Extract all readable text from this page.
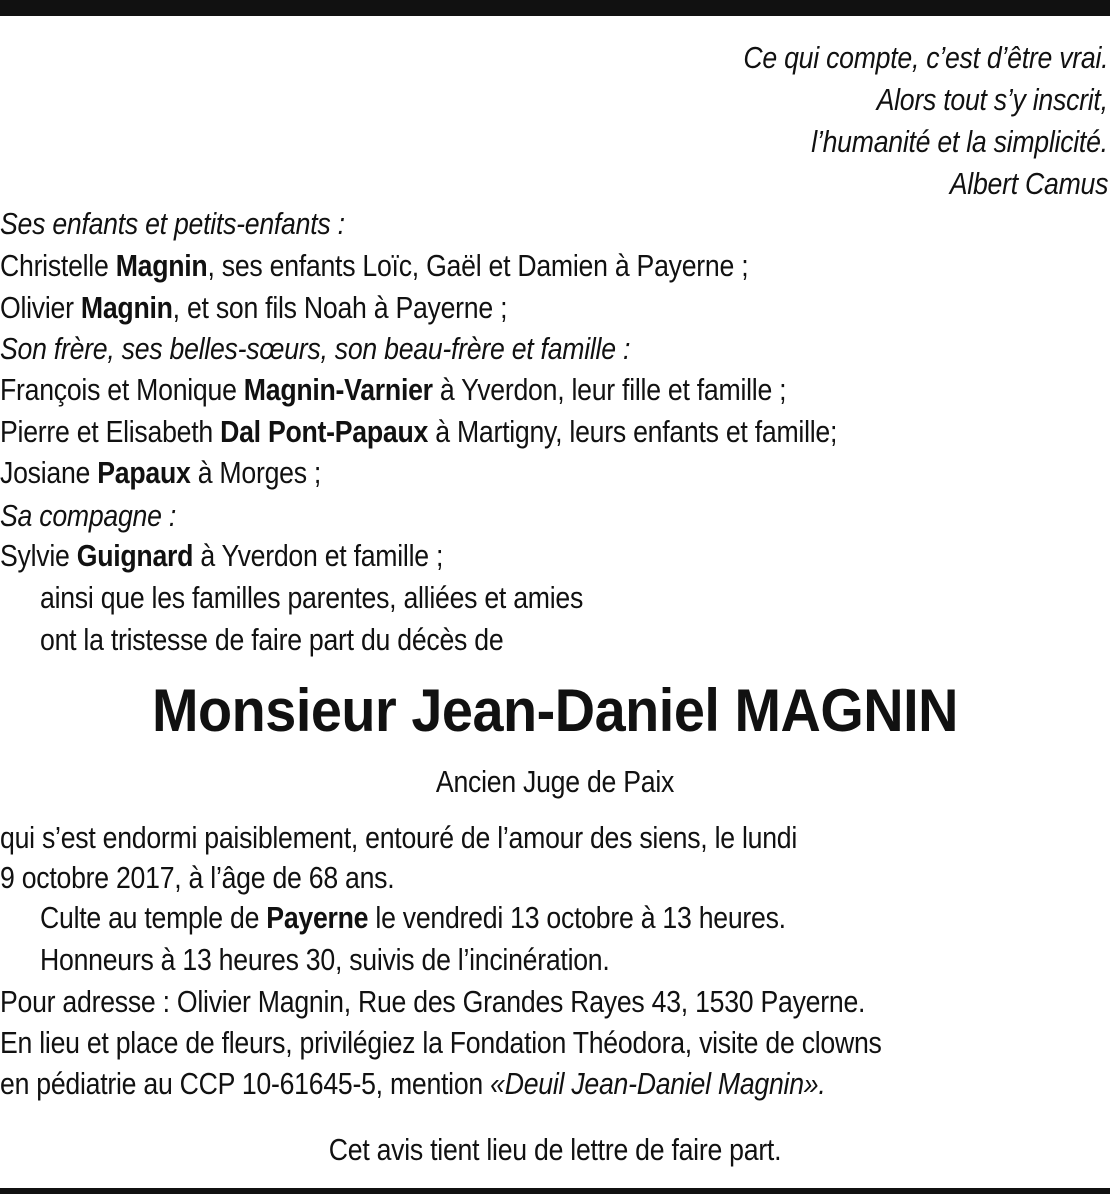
Ce qui compte, c’est d’être vrai.
Alors tout s’y inscrit,
l’humanité et la simplicité.
Albert Camus
Ses enfants et petits-enfants :
Christelle Magnin, ses enfants Loïc, Gaël et Damien à Payerne ;
Olivier Magnin, et son fils Noah à Payerne ;
Son frère, ses belles-sœurs, son beau-frère et famille :
François et Monique Magnin-Varnier à Yverdon, leur fille et famille ;
Pierre et Elisabeth Dal Pont-Papaux à Martigny, leurs enfants et famille;
Josiane Papaux à Morges ;
Sa compagne :
Sylvie Guignard à Yverdon et famille ;
ainsi que les familles parentes, alliées et amies
ont la tristesse de faire part du décès de
Monsieur Jean-Daniel MAGNIN
Ancien Juge de Paix
qui s’est endormi paisiblement, entouré de l’amour des siens, le lundi
9 octobre 2017, à l’âge de 68 ans.
Culte au temple de Payerne le vendredi 13 octobre à 13 heures.
Honneurs à 13 heures 30, suivis de l’incinération.
Pour adresse : Olivier Magnin, Rue des Grandes Rayes 43, 1530 Payerne.
En lieu et place de fleurs, privilégiez la Fondation Théodora, visite de clowns
en pédiatrie au CCP 10-61645-5, mention «Deuil Jean-Daniel Magnin».
Cet avis tient lieu de lettre de faire part.
